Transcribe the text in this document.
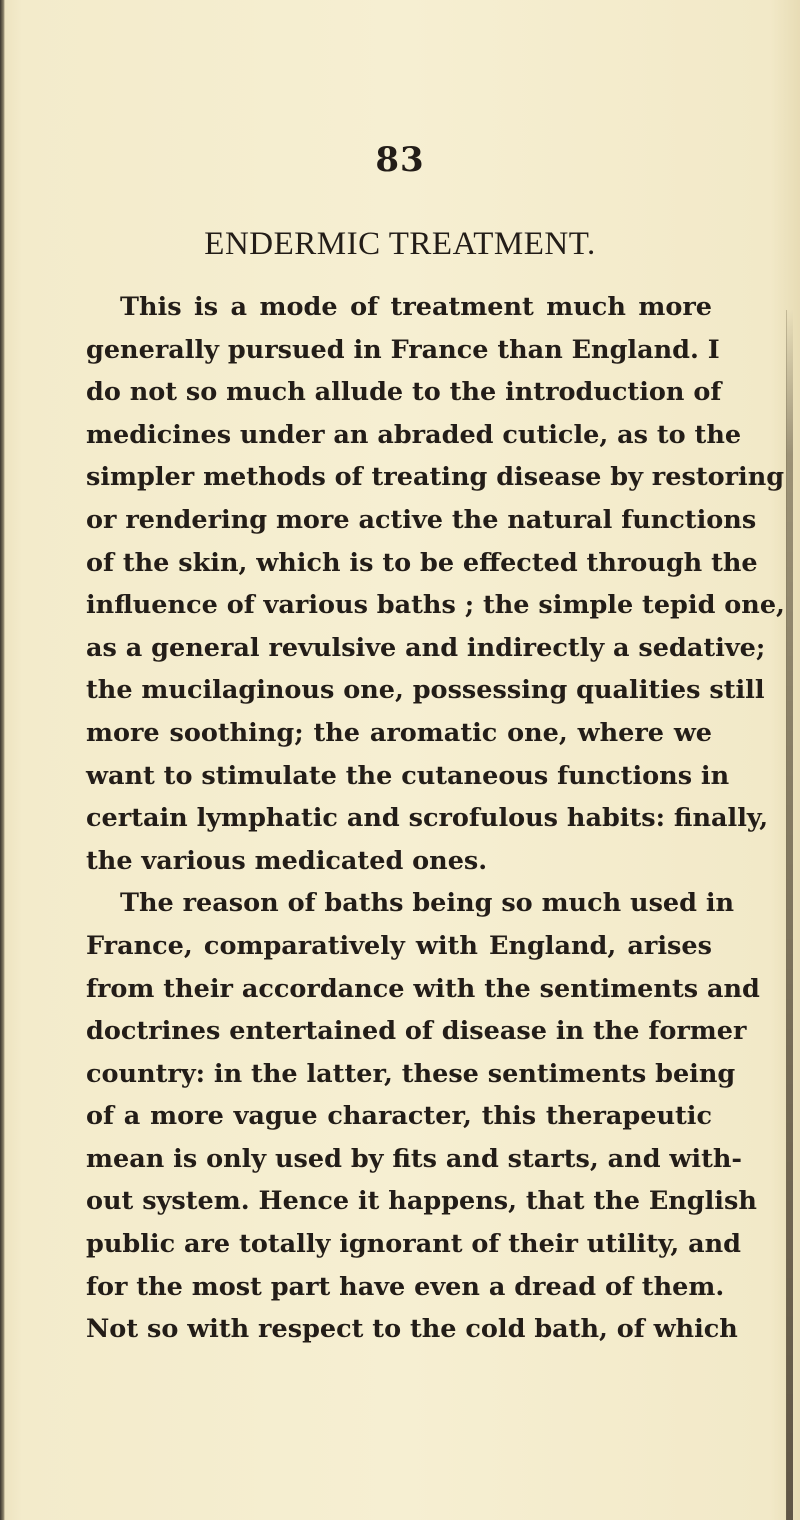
83
ENDERMIC TREATMENT.
This is a mode of treatment much more
generally pursued in France than England. I
do not so much allude to the introduction of
medicines under an abraded cuticle, as to the
simpler methods of treating disease by restoring
or rendering more active the natural functions
of the skin, which is to be effected through the
influence of various baths ; the simple tepid one,
as a general revulsive and indirectly a sedative;
the mucilaginous one, possessing qualities still
more soothing; the aromatic one, where we
want to stimulate the cutaneous functions in
certain lymphatic and scrofulous habits: finally,
the various medicated ones.
The reason of baths being so much used in
France, comparatively with England, arises
from their accordance with the sentiments and
doctrines entertained of disease in the former
country: in the latter, these sentiments being
of a more vague character, this therapeutic
mean is only used by fits and starts, and with-
out system. Hence it happens, that the English
public are totally ignorant of their utility, and
for the most part have even a dread of them.
Not so with respect to the cold bath, of which
